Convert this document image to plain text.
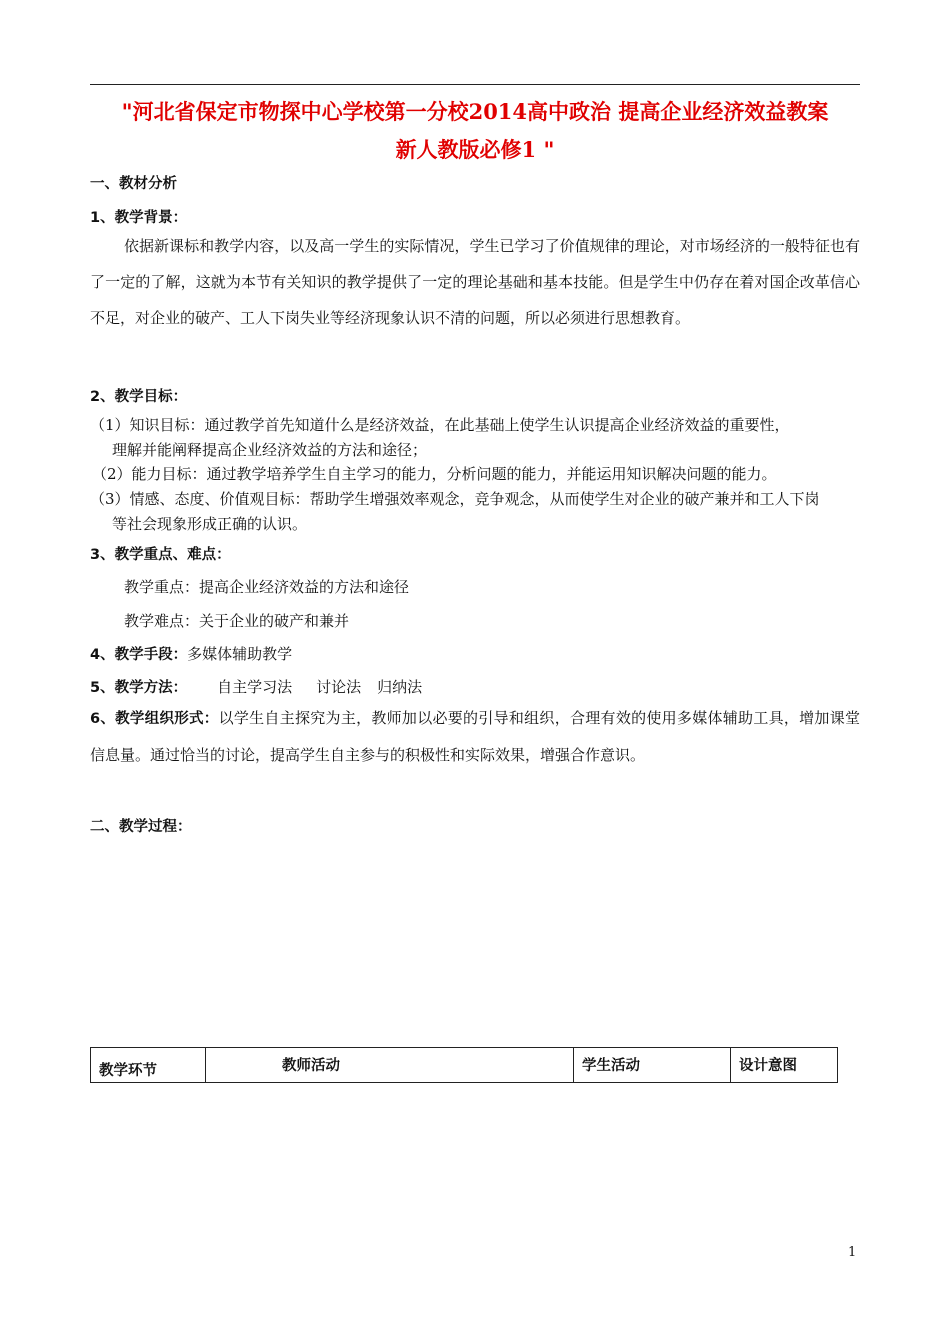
"河北省保定市物探中心学校第一分校2014高中政治 提高企业经济效益教案
新人教版必修1 "
一、教材分析
1、教学背景：
依据新课标和教学内容，以及高一学生的实际情况，学生已学习了价值规律的理论，对市场经济的一般特征也有了一定的了解，这就为本节有关知识的教学提供了一定的理论基础和基本技能。但是学生中仍存在着对国企改革信心不足，对企业的破产、工人下岗失业等经济现象认识不清的问题，所以必须进行思想教育。
2、教学目标：
（1）知识目标：通过教学首先知道什么是经济效益，在此基础上使学生认识提高企业经济效益的重要性，
理解并能阐释提高企业经济效益的方法和途径；
（2）能力目标：通过教学培养学生自主学习的能力，分析问题的能力，并能运用知识解决问题的能力。
（3）情感、态度、价值观目标：帮助学生增强效率观念，竞争观念，从而使学生对企业的破产兼并和工人下岗
等社会现象形成正确的认识。
3、教学重点、难点：
教学重点：提高企业经济效益的方法和途径
教学难点：关于企业的破产和兼并
4、教学手段：多媒体辅助教学
5、教学方法： 自主学习法 讨论法 归纳法
6、教学组织形式：以学生自主探究为主，教师加以必要的引导和组织，合理有效的使用多媒体辅助工具，增加课堂信息量。通过恰当的讨论，提高学生自主参与的积极性和实际效果，增强合作意识。
二、教学过程：
教学环节	教师活动	学生活动	设计意图
1
